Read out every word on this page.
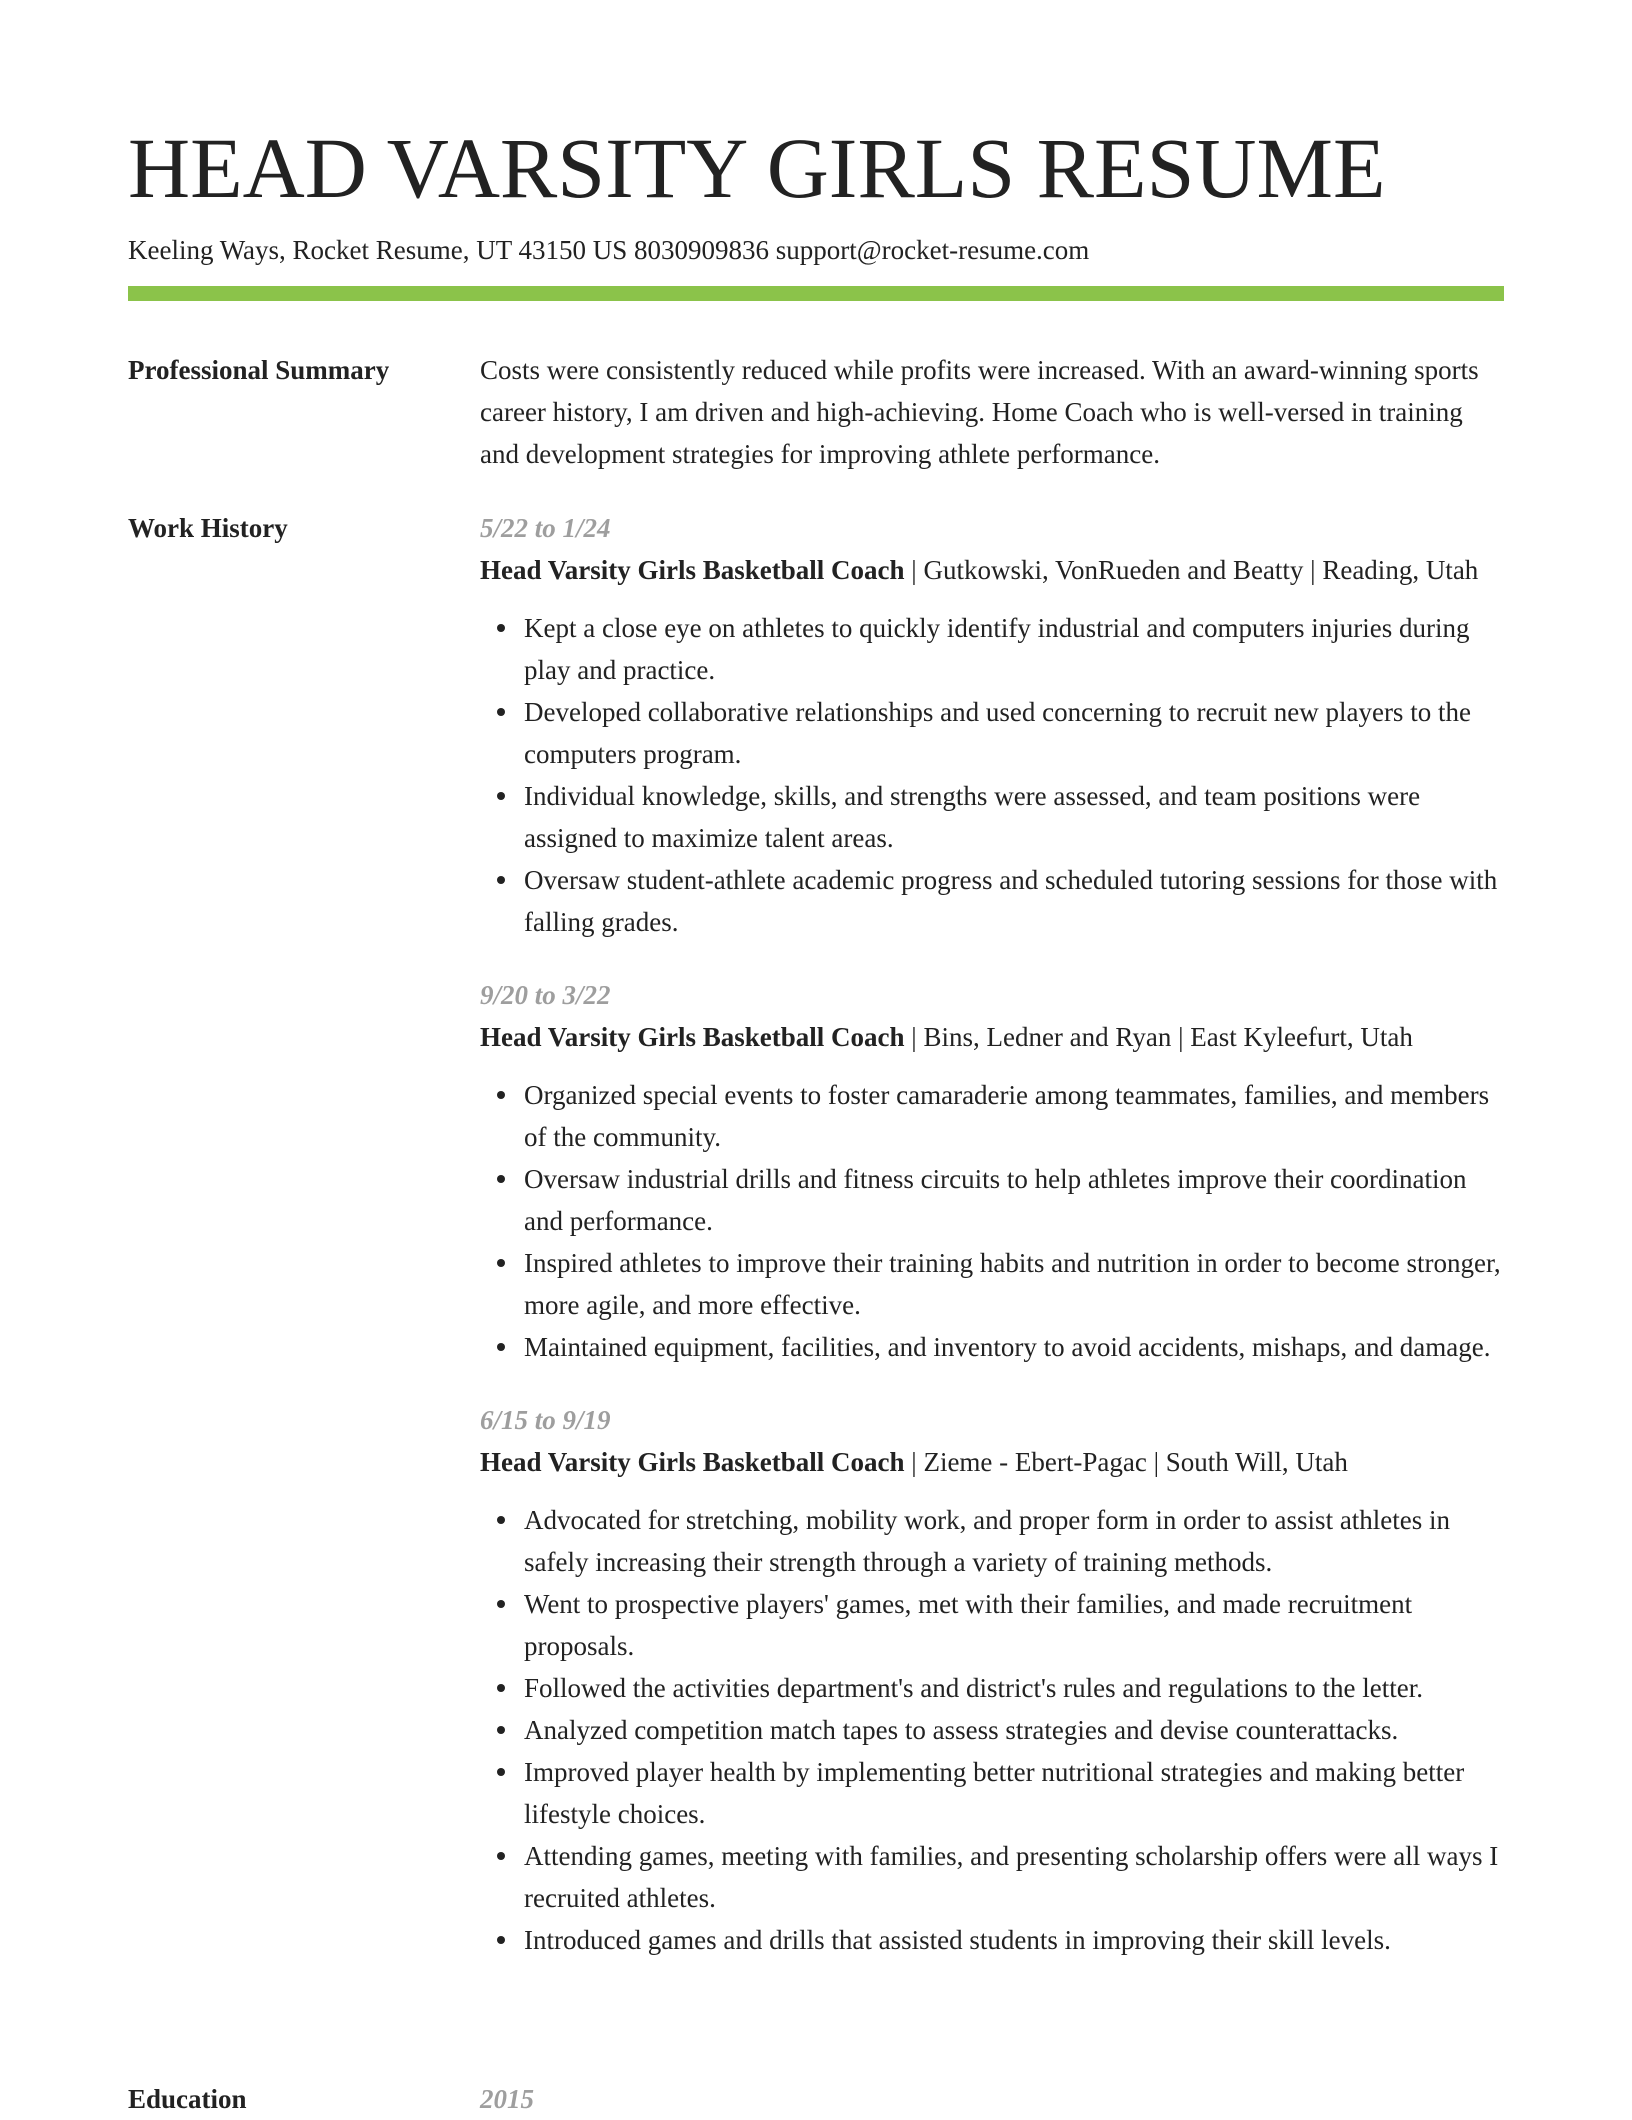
HEAD VARSITY GIRLS RESUME
Keeling Ways, Rocket Resume, UT 43150 US 8030909836 support@rocket-resume.com
Professional Summary	Costs were consistently reduced while profits were increased. With an award-winning sports career history, I am driven and high-achieving. Home Coach who is well-versed in training and development strategies for improving athlete performance.

Work History	5/22 to 1/24

Head Varsity Girls Basketball Coach | Gutkowski, VonRueden and Beatty | Reading, Utah

Kept a close eye on athletes to quickly identify industrial and computers injuries during play and practice.
Developed collaborative relationships and used concerning to recruit new players to the computers program.
Individual knowledge, skills, and strengths were assessed, and team positions were assigned to maximize talent areas.
Oversaw student-athlete academic progress and scheduled tutoring sessions for those with falling grades.
9/20 to 3/22

Head Varsity Girls Basketball Coach | Bins, Ledner and Ryan | East Kyleefurt, Utah

Organized special events to foster camaraderie among teammates, families, and members of the community.
Oversaw industrial drills and fitness circuits to help athletes improve their coordination and performance.
Inspired athletes to improve their training habits and nutrition in order to become stronger, more agile, and more effective.
Maintained equipment, facilities, and inventory to avoid accidents, mishaps, and damage.
6/15 to 9/19

Head Varsity Girls Basketball Coach | Zieme - Ebert-Pagac | South Will, Utah

Advocated for stretching, mobility work, and proper form in order to assist athletes in safely increasing their strength through a variety of training methods.
Went to prospective players' games, met with their families, and made recruitment proposals.
Followed the activities department's and district's rules and regulations to the letter.
Analyzed competition match tapes to assess strategies and devise counterattacks.
Improved player health by implementing better nutritional strategies and making better lifestyle choices.
Attending games, meeting with families, and presenting scholarship offers were all ways I recruited athletes.
Introduced games and drills that assisted students in improving their skill levels.
Education	2015
